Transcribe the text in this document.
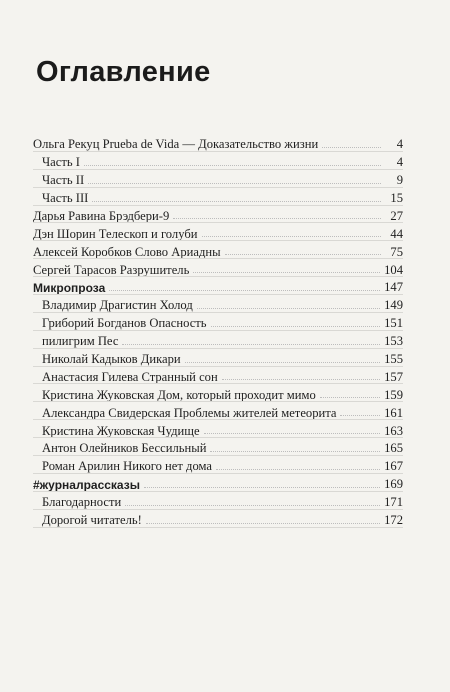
Оглавление
Ольга Рекуц Prueba de Vida — Доказательство жизни	4
Часть I	4
Часть II	9
Часть III	15
Дарья Равина Брэдбери-9	27
Дэн Шорин Телескоп и голуби	44
Алексей Коробков Слово Ариадны	75
Сергей Тарасов Разрушитель	104
Микропроза	147
Владимир Драгистин Холод	149
Гриборий Богданов Опасность	151
пилигрим Пес	153
Николай Кадыков Дикари	155
Анастасия Гилева Странный сон	157
Кристина Жуковская Дом, который проходит мимо	159
Александра Свидерская Проблемы жителей метеорита	161
Кристина Жуковская Чудище	163
Антон Олейников Бессильный	165
Роман Арилин Никого нет дома	167
#журналрассказы	169
Благодарности	171
Дорогой читатель!	172
